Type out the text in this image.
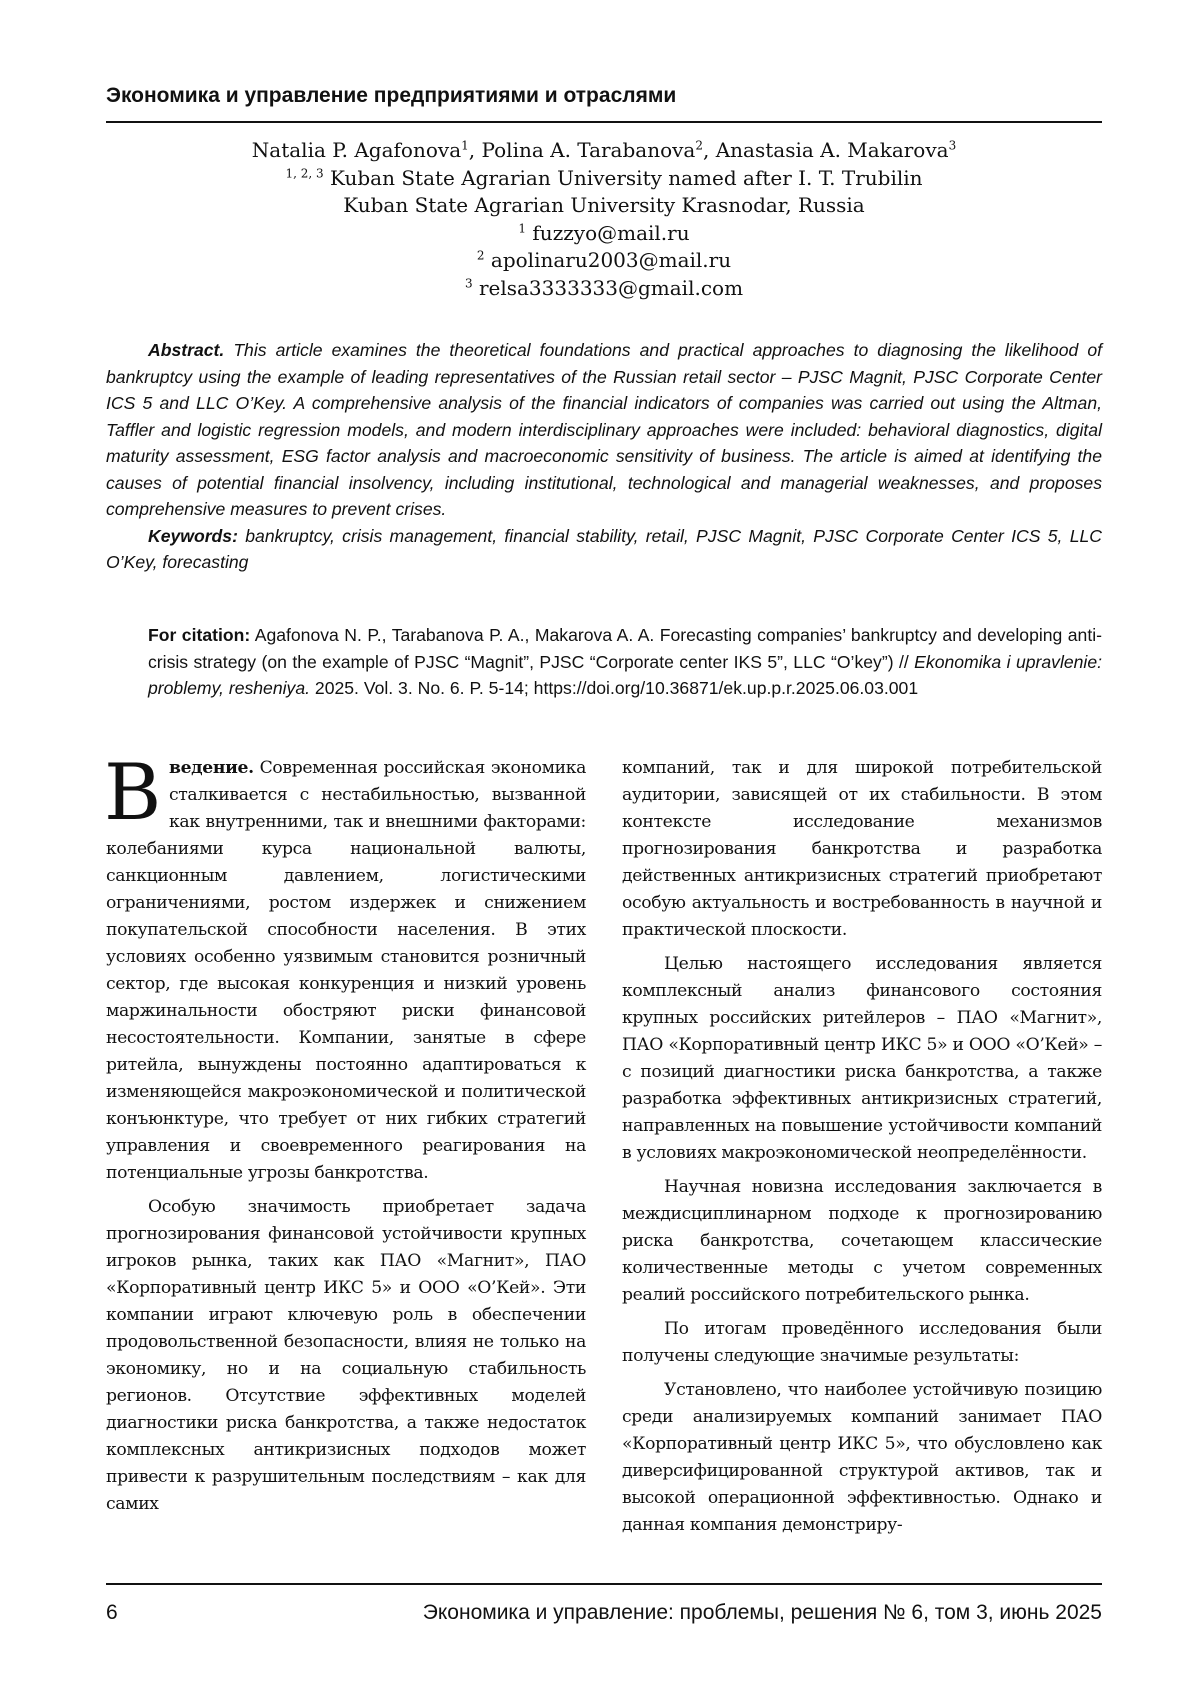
Экономика и управление предприятиями и отраслями
Natalia P. Agafonova$^1$, Polina A. Tarabanova$^2$, Anastasia A. Makarova$^3$
$^{1, 2, 3}$ Kuban State Agrarian University named after I. T. Trubilin
Kuban State Agrarian University Krasnodar, Russia
$^1$ fuzzyo@mail.ru
$^2$ apolinaru2003@mail.ru
$^3$ relsa3333333@gmail.com

Abstract. This article examines the theoretical foundations and practical approaches to diagnosing the likelihood of bankruptcy using the example of leading representatives of the Russian retail sector – PJSC Magnit, PJSC Corporate Center ICS 5 and LLC O’Key. A comprehensive analysis of the financial indicators of companies was carried out using the Altman, Taffler and logistic regression models, and modern interdisciplinary approaches were included: behavioral diagnostics, digital maturity assessment, ESG factor analysis and macroeconomic sensitivity of business. The article is aimed at identifying the causes of potential financial insolvency, including institutional, technological and managerial weaknesses, and proposes comprehensive measures to prevent crises.

Keywords: bankruptcy, crisis management, financial stability, retail, PJSC Magnit, PJSC Corporate Center ICS 5, LLC O’Key, forecasting

For citation: Agafonova N. P., Tarabanova P. A., Makarova A. A. Forecasting companies’ bankruptcy and developing anti-crisis strategy (on the example of PJSC “Magnit”, PJSC “Corporate center IKS 5”, LLC “O’key”) // Ekonomika i upravlenie: problemy, resheniya. 2025. Vol. 3. No. 6. P. 5-14; https://doi.org/10.36871/ek.up.p.r.2025.06.03.001

Введение. Современная российская экономика сталкивается с нестабильностью, вызванной как внутренними, так и внешними факторами: колебаниями курса национальной валюты, санкционным давлением, логистическими ограничениями, ростом издержек и снижением покупательской способности населения. В этих условиях особенно уязвимым становится розничный сектор, где высокая конкуренция и низкий уровень маржинальности обостряют риски финансовой несостоятельности. Компании, занятые в сфере ритейла, вынуждены постоянно адаптироваться к изменяющейся макроэкономической и политической конъюнктуре, что требует от них гибких стратегий управления и своевременного реагирования на потенциальные угрозы банкротства.

Особую значимость приобретает задача прогнозирования финансовой устойчивости крупных игроков рынка, таких как ПАО «Магнит», ПАО «Корпоративный центр ИКС 5» и ООО «О’Кей». Эти компании играют ключевую роль в обеспечении продовольственной безопасности, влияя не только на экономику, но и на социальную стабильность регионов. Отсутствие эффективных моделей диагностики риска банкротства, а также недостаток комплексных антикризисных подходов может привести к разрушительным последствиям – как для самих

компаний, так и для широкой потребительской аудитории, зависящей от их стабильности. В этом контексте исследование механизмов прогнозирования банкротства и разработка действенных антикризисных стратегий приобретают особую актуальность и востребованность в научной и практической плоскости.

Целью настоящего исследования является комплексный анализ финансового состояния крупных российских ритейлеров – ПАО «Магнит», ПАО «Корпоративный центр ИКС 5» и ООО «О’Кей» – с позиций диагностики риска банкротства, а также разработка эффективных антикризисных стратегий, направленных на повышение устойчивости компаний в условиях макроэкономической неопределённости.

Научная новизна исследования заключается в междисциплинарном подходе к прогнозированию риска банкротства, сочетающем классические количественные методы с учетом современных реалий российского потребительского рынка.

По итогам проведённого исследования были получены следующие значимые результаты:

Установлено, что наиболее устойчивую позицию среди анализируемых компаний занимает ПАО «Корпоративный центр ИКС 5», что обусловлено как диверсифицированной структурой активов, так и высокой операционной эффективностью. Однако и данная компания демонстриру-

6	Экономика и управление: проблемы, решения № 6, том 3, июнь 2025
